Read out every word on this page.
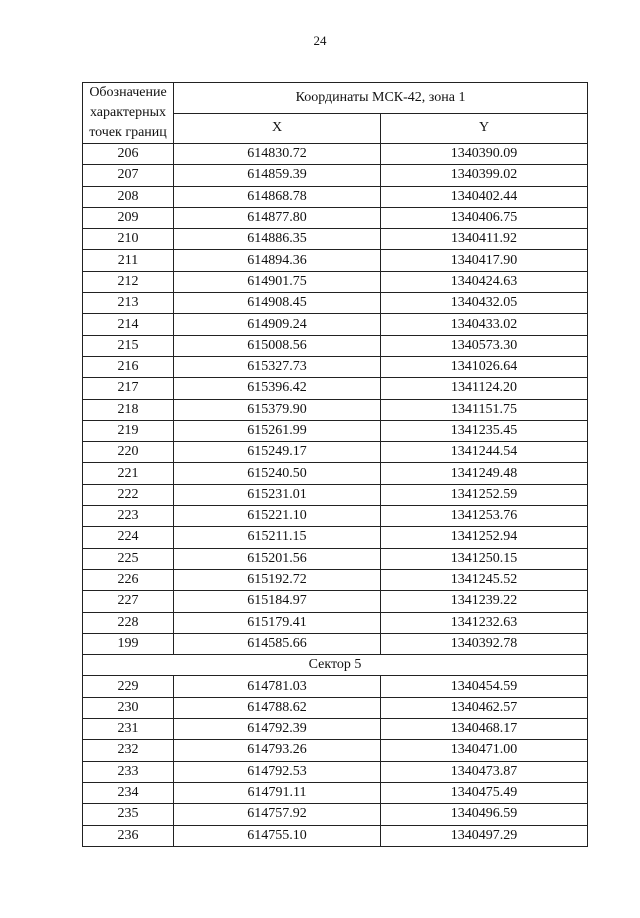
24
Обозначение
характерных
точек границ	Координаты МСК-42, зона 1	
	X	Y
206	614830.72	1340390.09
207	614859.39	1340399.02
208	614868.78	1340402.44
209	614877.80	1340406.75
210	614886.35	1340411.92
211	614894.36	1340417.90
212	614901.75	1340424.63
213	614908.45	1340432.05
214	614909.24	1340433.02
215	615008.56	1340573.30
216	615327.73	1341026.64
217	615396.42	1341124.20
218	615379.90	1341151.75
219	615261.99	1341235.45
220	615249.17	1341244.54
221	615240.50	1341249.48
222	615231.01	1341252.59
223	615221.10	1341253.76
224	615211.15	1341252.94
225	615201.56	1341250.15
226	615192.72	1341245.52
227	615184.97	1341239.22
228	615179.41	1341232.63
199	614585.66	1340392.78
Сектор 5		
229	614781.03	1340454.59
230	614788.62	1340462.57
231	614792.39	1340468.17
232	614793.26	1340471.00
233	614792.53	1340473.87
234	614791.11	1340475.49
235	614757.92	1340496.59
236	614755.10	1340497.29
